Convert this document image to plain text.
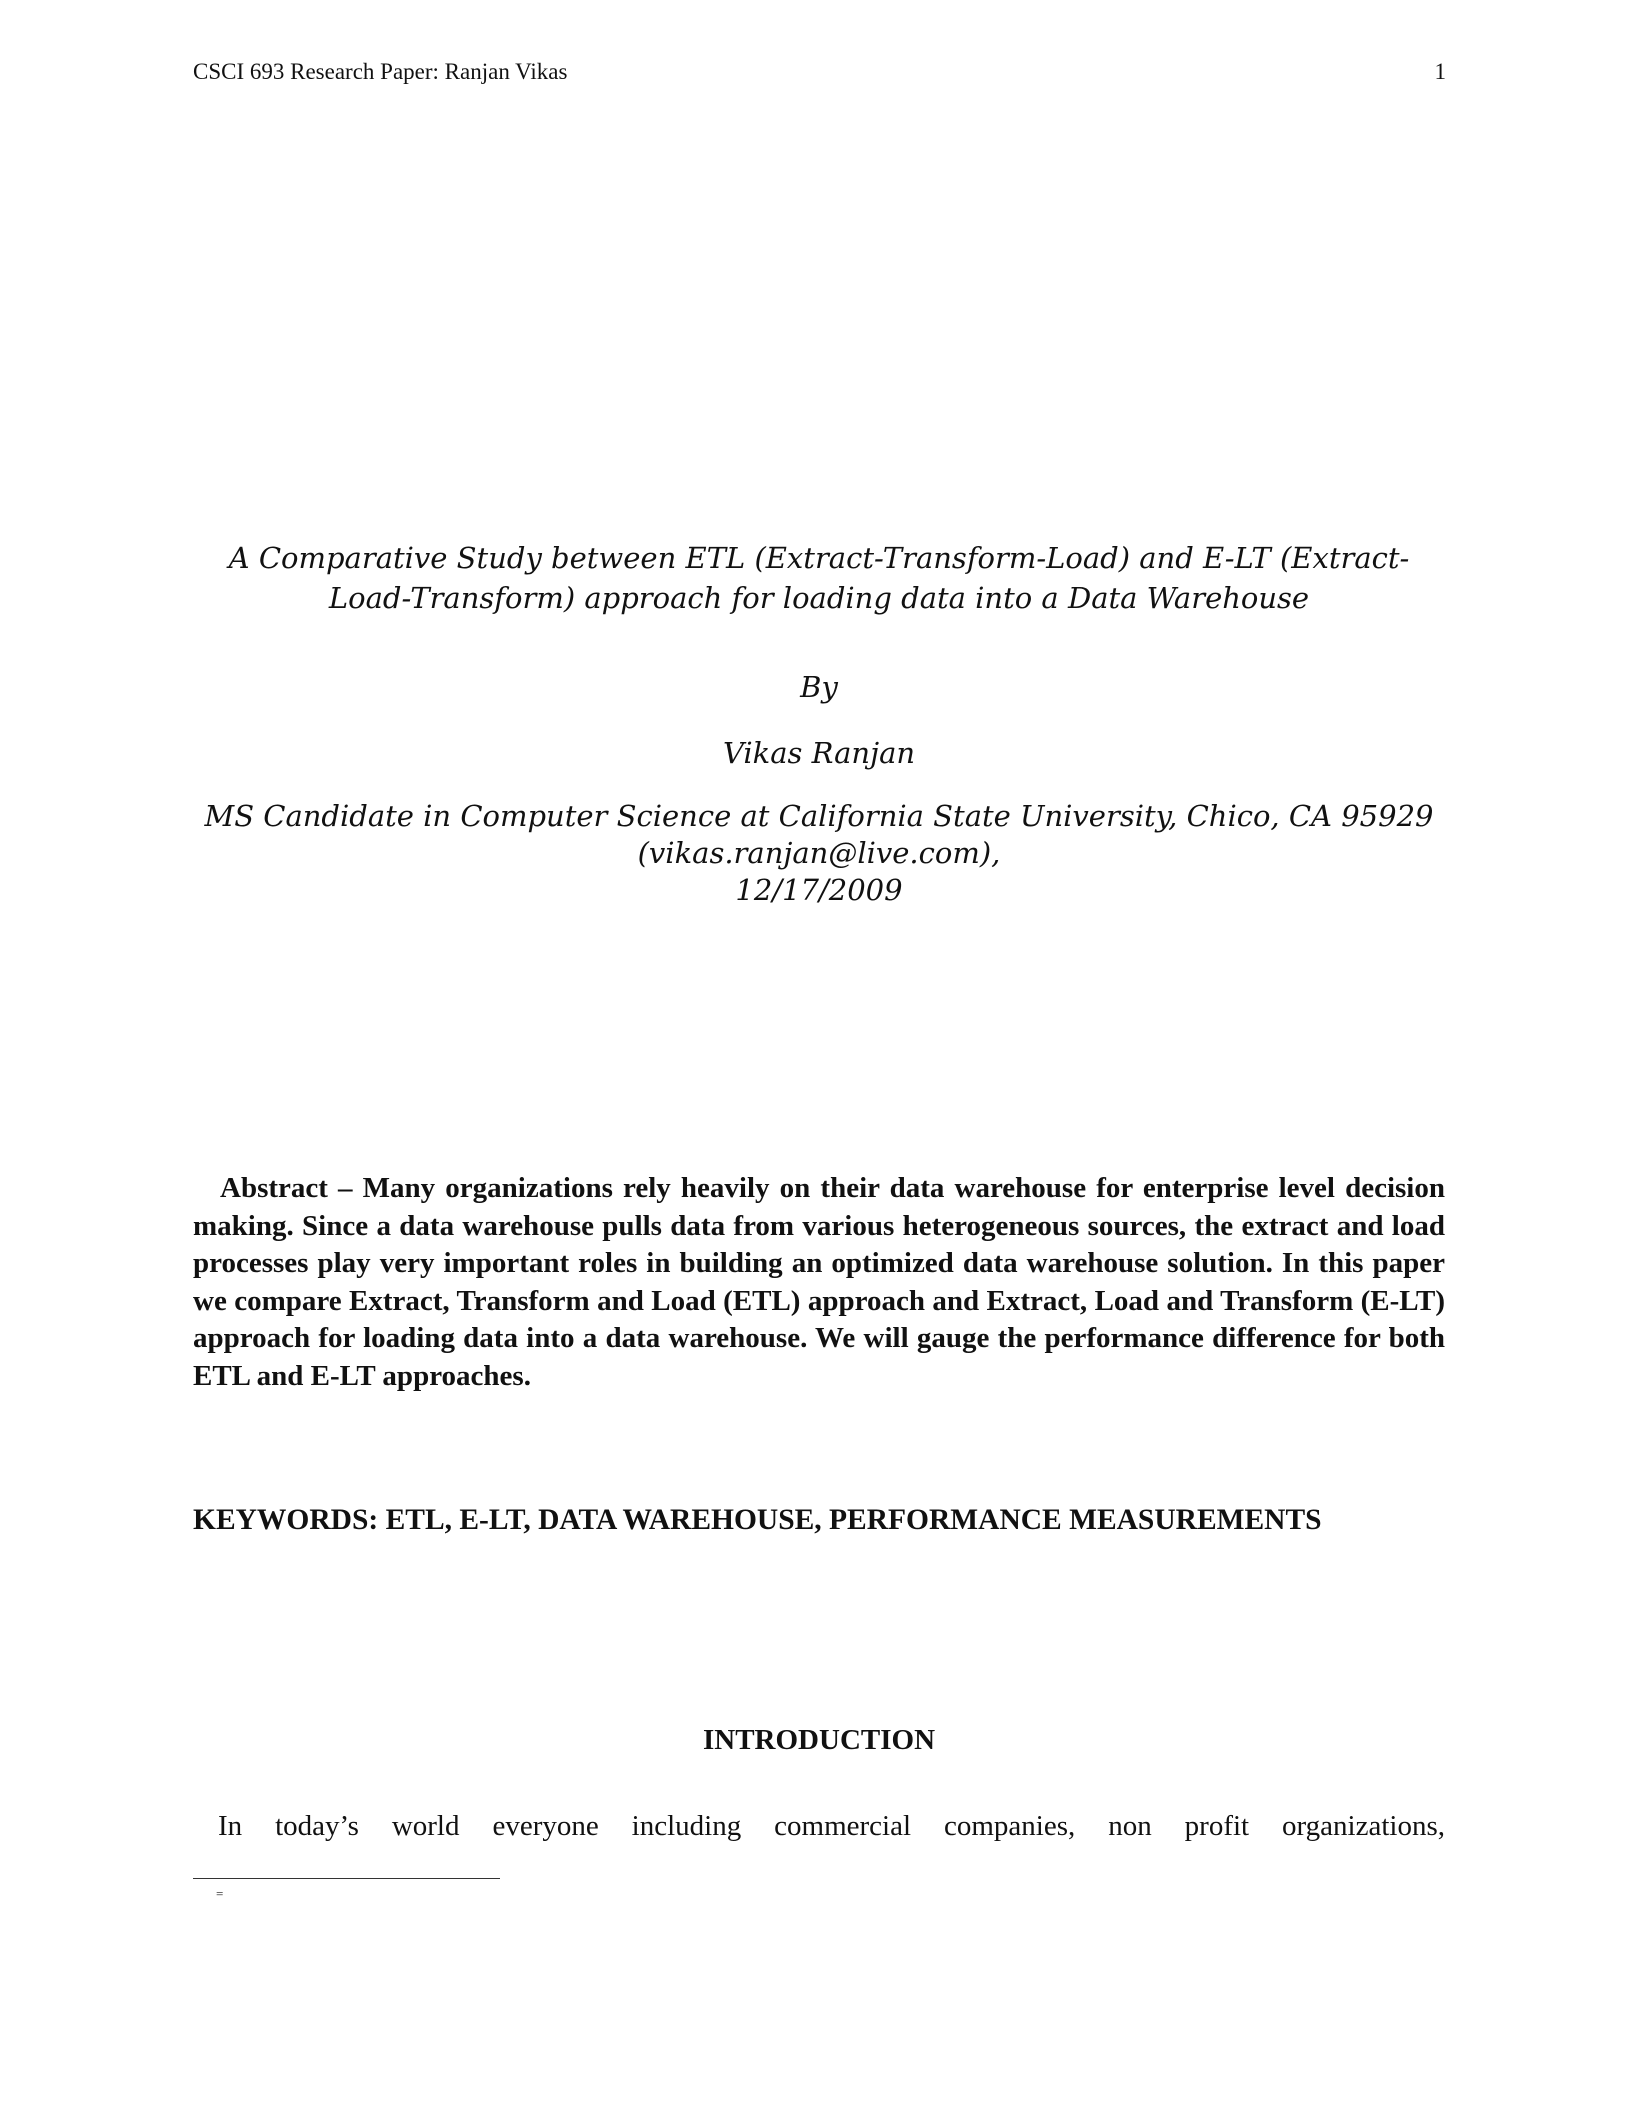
CSCI 693 Research Paper: Ranjan Vikas	1
A Comparative Study between ETL (Extract-Transform-Load) and E-LT (Extract-
Load-Transform) approach for loading data into a Data Warehouse
By
Vikas Ranjan
MS Candidate in Computer Science at California State University, Chico, CA 95929
(vikas.ranjan@live.com),
12/17/2009
Abstract – Many organizations rely heavily on their data warehouse for enterprise level decision making. Since a data warehouse pulls data from various heterogeneous sources, the extract and load processes play very important roles in building an optimized data warehouse solution. In this paper we compare Extract, Transform and Load (ETL) approach and Extract, Load and Transform (E-LT) approach for loading data into a data warehouse. We will gauge the performance difference for both ETL and E-LT approaches.
KEYWORDS: ETL, E-LT, DATA WAREHOUSE, PERFORMANCE MEASUREMENTS
INTRODUCTION
In today’s world everyone including commercial companies, non profit organizations,
=
